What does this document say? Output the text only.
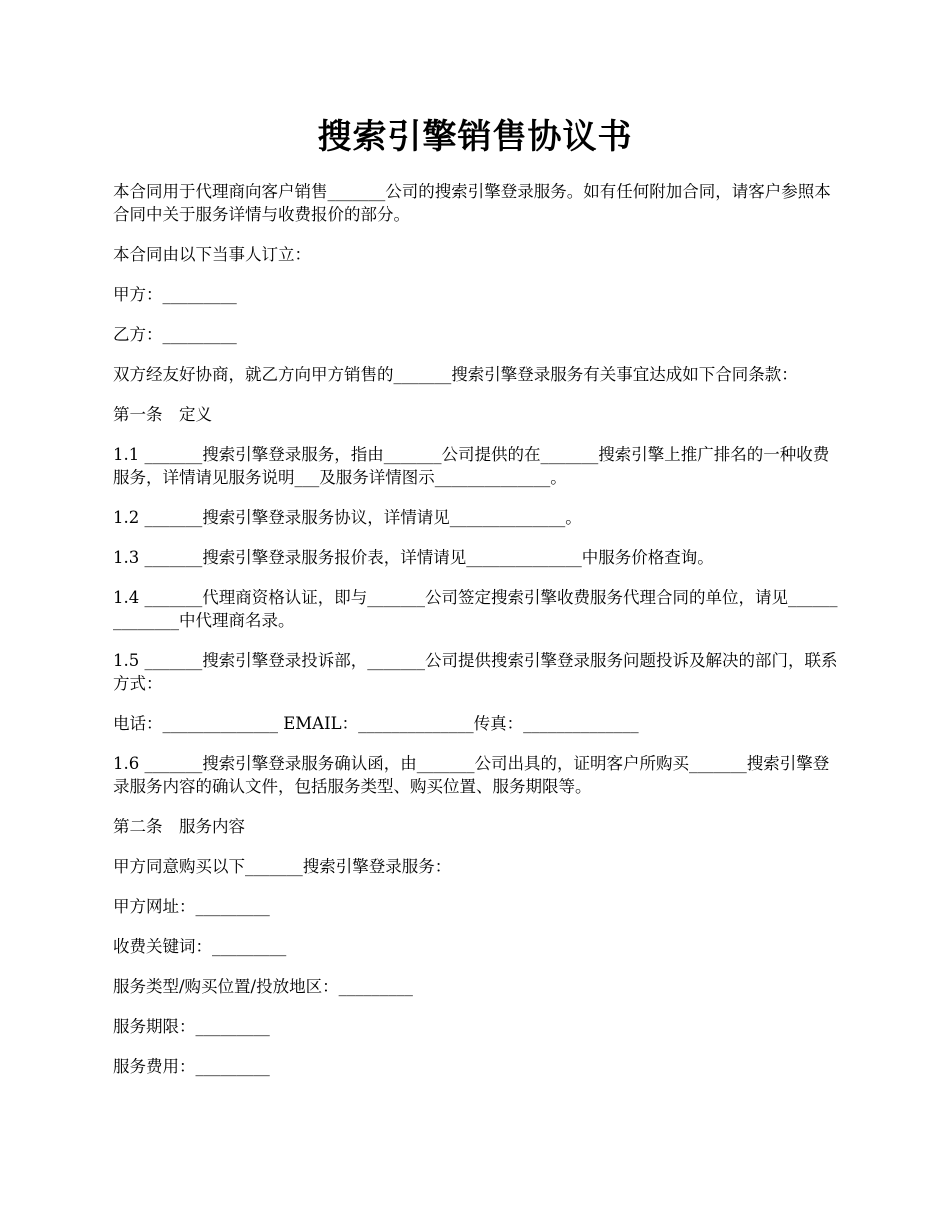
搜索引擎销售协议书

本合同用于代理商向客户销售_______公司的搜索引擎登录服务。如有任何附加合同，请客户参照本合同中关于服务详情与收费报价的部分。

本合同由以下当事人订立：

甲方：_________

乙方：_________

双方经友好协商，就乙方向甲方销售的_______搜索引擎登录服务有关事宜达成如下合同条款：

第一条　定义

1.1 _______搜索引擎登录服务，指由_______公司提供的在_______搜索引擎上推广排名的一种收费服务，详情请见服务说明___及服务详情图示______________。

1.2 _______搜索引擎登录服务协议，详情请见______________。

1.3 _______搜索引擎登录服务报价表，详情请见______________中服务价格查询。

1.4 _______代理商资格认证，即与_______公司签定搜索引擎收费服务代理合同的单位，请见______________中代理商名录。

1.5 _______搜索引擎登录投诉部，_______公司提供搜索引擎登录服务问题投诉及解决的部门，联系方式：

电话：______________ EMAIL：______________传真：______________

1.6 _______搜索引擎登录服务确认函，由_______公司出具的，证明客户所购买_______搜索引擎登录服务内容的确认文件，包括服务类型、购买位置、服务期限等。

第二条　服务内容

甲方同意购买以下_______搜索引擎登录服务：

甲方网址：_________

收费关键词：_________

服务类型/购买位置/投放地区：_________

服务期限：_________

服务费用：_________
